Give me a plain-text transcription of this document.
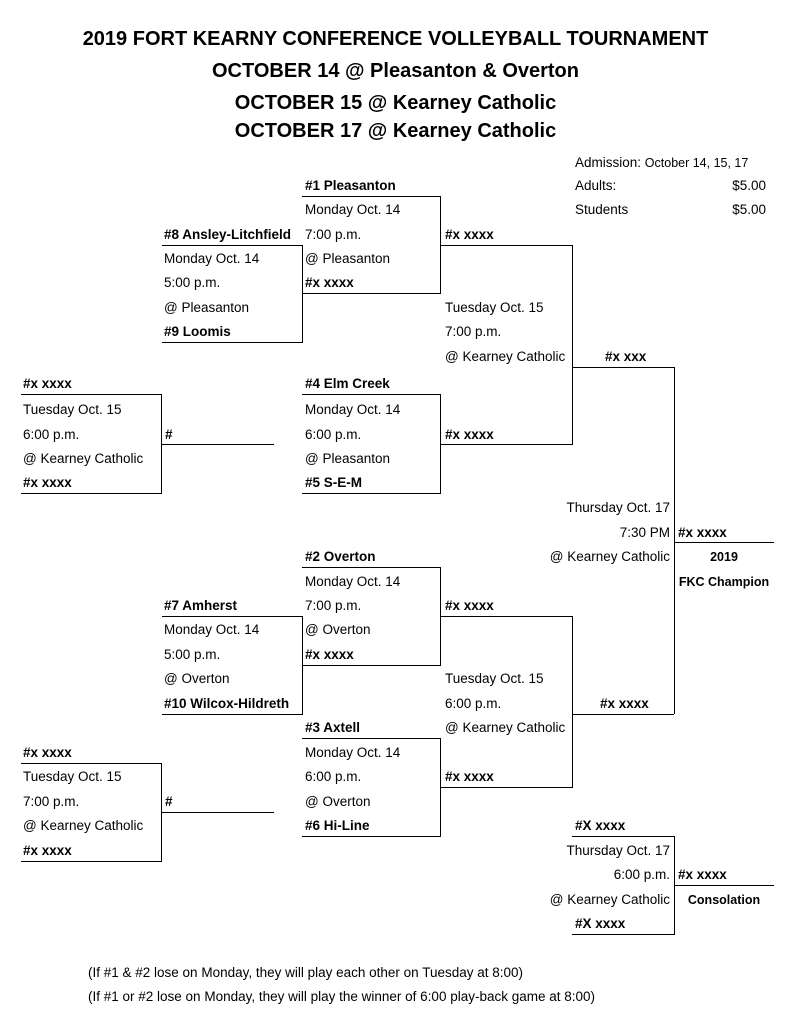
2019 FORT KEARNY CONFERENCE VOLLEYBALL TOURNAMENT
OCTOBER 14 @ Pleasanton & Overton
OCTOBER 15 @ Kearney Catholic
OCTOBER 17 @ Kearney Catholic
Admission: October 14, 15, 17
Adults:	$5.00
Students	$5.00
#1 Pleasanton
Monday Oct. 14
7:00 p.m.
@ Pleasanton
#x xxxx
#8 Ansley-Litchfield
Monday Oct. 14
5:00 p.m.
@ Pleasanton
#9 Loomis
#x xxxx
Tuesday Oct. 15
7:00 p.m.
@ Kearney Catholic
#x xxxx
#x xxx
#x xxxx
Tuesday Oct. 15
6:00 p.m.
@ Kearney Catholic
#x xxxx
#
#4 Elm Creek
Monday Oct. 14
6:00 p.m.
@ Pleasanton
#5 S-E-M
Thursday Oct. 17
7:30 PM
@ Kearney Catholic
#x xxxx
2019
FKC Champion
#2 Overton
Monday Oct. 14
7:00 p.m.
@ Overton
#x xxxx
#7 Amherst
Monday Oct. 14
5:00 p.m.
@ Overton
#10 Wilcox-Hildreth
#x xxxx
Tuesday Oct. 15
6:00 p.m.
@ Kearney Catholic
#x xxxx
#x xxxx
#3 Axtell
Monday Oct. 14
6:00 p.m.
@ Overton
#6 Hi-Line
#x xxxx
Tuesday Oct. 15
7:00 p.m.
@ Kearney Catholic
#x xxxx
#
#X xxxx
Thursday Oct. 17
6:00 p.m.
@ Kearney Catholic
#X xxxx
#x xxxx
Consolation
(If #1 & #2 lose on Monday, they will play each other on Tuesday at 8:00)
(If #1 or #2 lose on Monday, they will play the winner of 6:00 play-back game at 8:00)
